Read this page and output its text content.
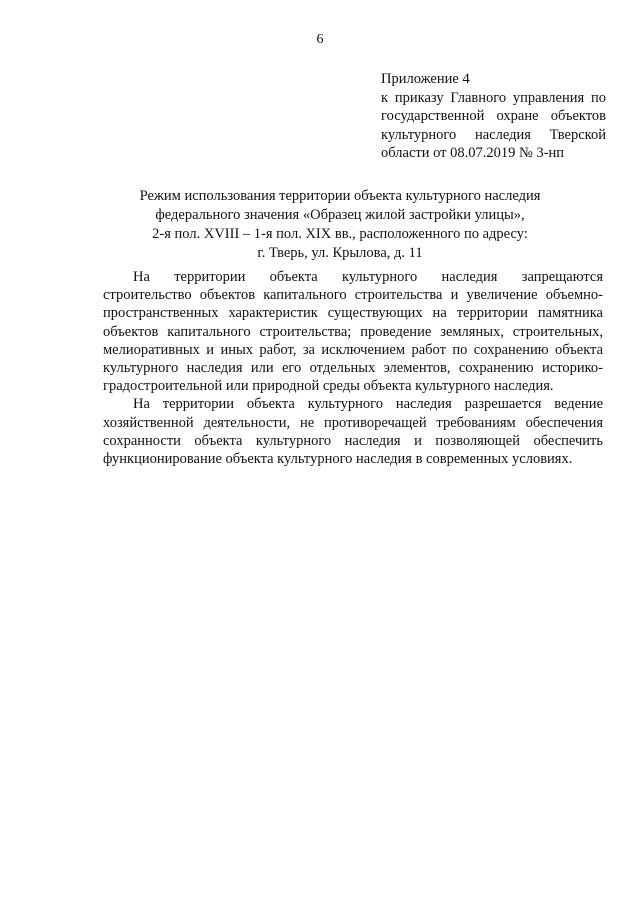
6
Приложение 4
к приказу Главного управления по
государственной охране объектов
культурного наследия Тверской
области от 08.07.2019 № 3-нп
Режим использования территории объекта культурного наследия
федерального значения «Образец жилой застройки улицы»,
2-я пол. XVIII – 1-я пол. XIX вв., расположенного по адресу:
г. Тверь, ул. Крылова, д. 11
На территории объекта культурного наследия запрещаются
строительство объектов капитального строительства и увеличение объемно-
пространственных характеристик существующих на территории памятника
объектов капитального строительства; проведение земляных, строительных,
мелиоративных и иных работ, за исключением работ по сохранению объекта
культурного наследия или его отдельных элементов, сохранению историко-
градостроительной или природной среды объекта культурного наследия.
На территории объекта культурного наследия разрешается ведение
хозяйственной деятельности, не противоречащей требованиям обеспечения
сохранности объекта культурного наследия и позволяющей обеспечить
функционирование объекта культурного наследия в современных условиях.
